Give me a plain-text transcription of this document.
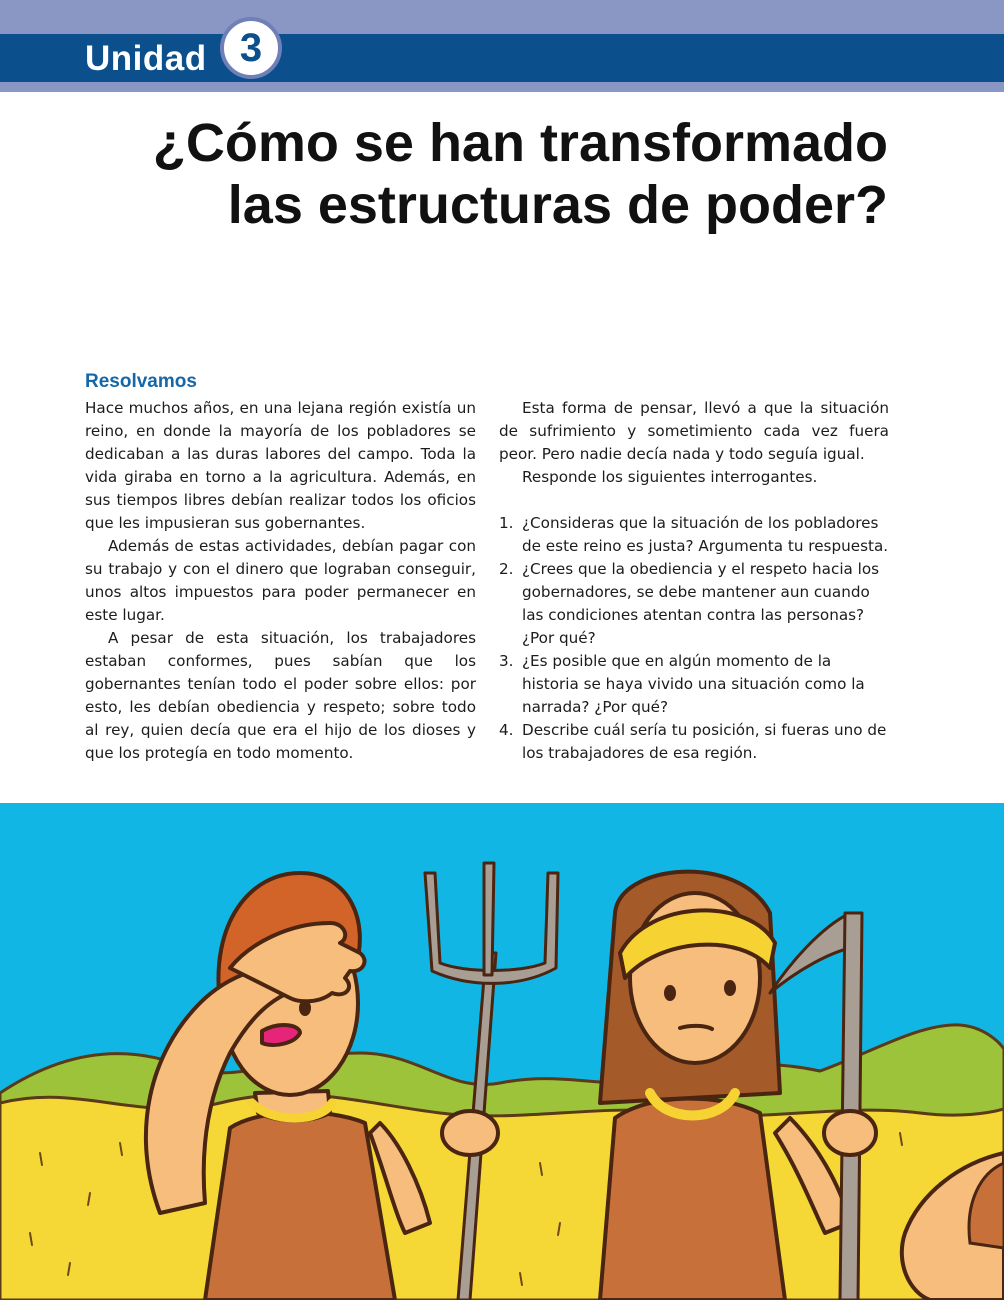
Unidad 3
¿Cómo se han transformado
las estructuras de poder?
Resolvamos

Hace muchos años, en una lejana región existía un reino, en donde la mayoría de los pobladores se dedicaban a las duras labores del campo. Toda la vida giraba en torno a la agricultura. Además, en sus tiempos libres debían realizar todos los oficios que les impusieran sus gobernantes.

Además de estas actividades, debían pagar con su trabajo y con el dinero que lograban conseguir, unos altos impuestos para poder permanecer en este lugar.

A pesar de esta situación, los trabajadores estaban conformes, pues sabían que los gobernantes tenían todo el poder sobre ellos: por esto, les debían obediencia y respeto; sobre todo al rey, quien decía que era el hijo de los dioses y que los protegía en todo momento.

Esta forma de pensar, llevó a que la situación de sufrimiento y sometimiento cada vez fuera peor. Pero nadie decía nada y todo seguía igual.

Responde los siguientes interrogantes.

1. ¿Consideras que la situación de los pobladores de este reino es justa? Argumenta tu respuesta.
2. ¿Crees que la obediencia y el respeto hacia los gobernadores, se debe mantener aun cuando las condiciones atentan contra las personas? ¿Por qué?
3. ¿Es posible que en algún momento de la historia se haya vivido una situación como la narrada? ¿Por qué?
4. Describe cuál sería tu posición, si fueras uno de los trabajadores de esa región.
